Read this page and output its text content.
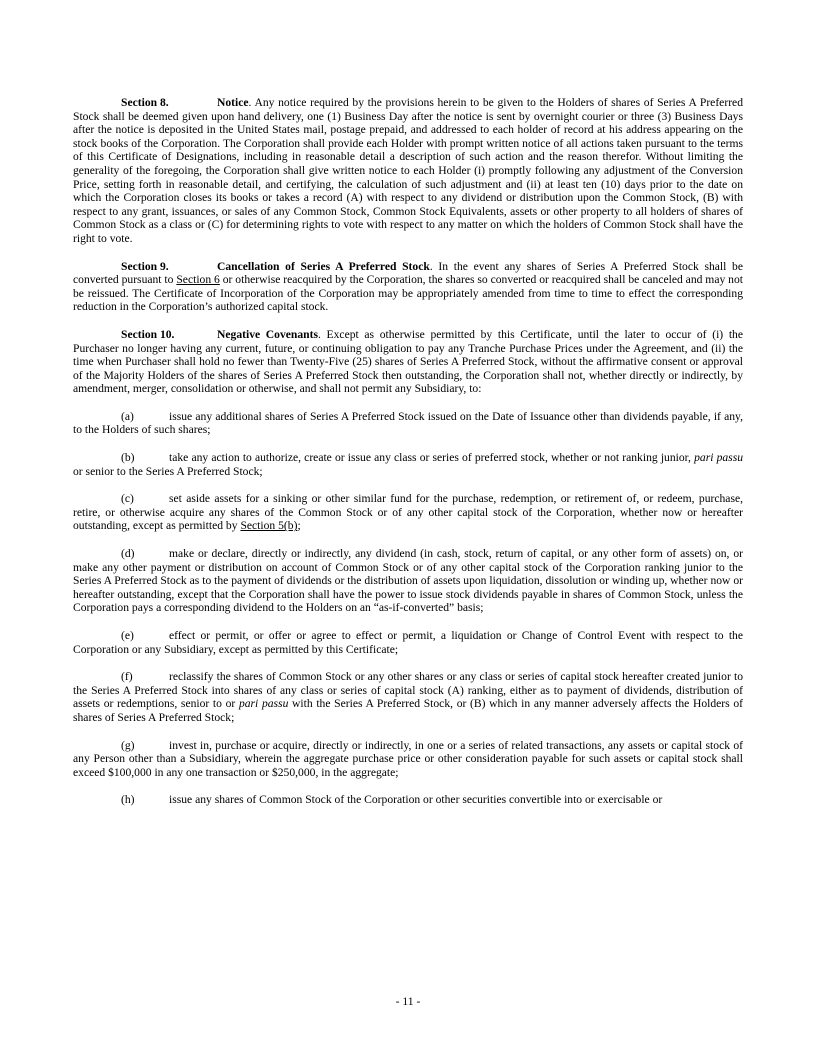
Section 8.	Notice. Any notice required by the provisions herein to be given to the Holders of shares of Series A Preferred Stock shall be deemed given upon hand delivery, one (1) Business Day after the notice is sent by overnight courier or three (3) Business Days after the notice is deposited in the United States mail, postage prepaid, and addressed to each holder of record at his address appearing on the stock books of the Corporation. The Corporation shall provide each Holder with prompt written notice of all actions taken pursuant to the terms of this Certificate of Designations, including in reasonable detail a description of such action and the reason therefor. Without limiting the generality of the foregoing, the Corporation shall give written notice to each Holder (i) promptly following any adjustment of the Conversion Price, setting forth in reasonable detail, and certifying, the calculation of such adjustment and (ii) at least ten (10) days prior to the date on which the Corporation closes its books or takes a record (A) with respect to any dividend or distribution upon the Common Stock, (B) with respect to any grant, issuances, or sales of any Common Stock, Common Stock Equivalents, assets or other property to all holders of shares of Common Stock as a class or (C) for determining rights to vote with respect to any matter on which the holders of Common Stock shall have the right to vote.

Section 9.	Cancellation of Series A Preferred Stock. In the event any shares of Series A Preferred Stock shall be converted pursuant to Section 6 or otherwise reacquired by the Corporation, the shares so converted or reacquired shall be canceled and may not be reissued. The Certificate of Incorporation of the Corporation may be appropriately amended from time to time to effect the corresponding reduction in the Corporation’s authorized capital stock.

Section 10.	Negative Covenants. Except as otherwise permitted by this Certificate, until the later to occur of (i) the Purchaser no longer having any current, future, or continuing obligation to pay any Tranche Purchase Prices under the Agreement, and (ii) the time when Purchaser shall hold no fewer than Twenty-Five (25) shares of Series A Preferred Stock, without the affirmative consent or approval of the Majority Holders of the shares of Series A Preferred Stock then outstanding, the Corporation shall not, whether directly or indirectly, by amendment, merger, consolidation or otherwise, and shall not permit any Subsidiary, to:

(a)	issue any additional shares of Series A Preferred Stock issued on the Date of Issuance other than dividends payable, if any, to the Holders of such shares;

(b)	take any action to authorize, create or issue any class or series of preferred stock, whether or not ranking junior, pari passu or senior to the Series A Preferred Stock;

(c)	set aside assets for a sinking or other similar fund for the purchase, redemption, or retirement of, or redeem, purchase, retire, or otherwise acquire any shares of the Common Stock or of any other capital stock of the Corporation, whether now or hereafter outstanding, except as permitted by Section 5(b);

(d)	make or declare, directly or indirectly, any dividend (in cash, stock, return of capital, or any other form of assets) on, or make any other payment or distribution on account of Common Stock or of any other capital stock of the Corporation ranking junior to the Series A Preferred Stock as to the payment of dividends or the distribution of assets upon liquidation, dissolution or winding up, whether now or hereafter outstanding, except that the Corporation shall have the power to issue stock dividends payable in shares of Common Stock, unless the Corporation pays a corresponding dividend to the Holders on an “as-if-converted” basis;

(e)	effect or permit, or offer or agree to effect or permit, a liquidation or Change of Control Event with respect to the Corporation or any Subsidiary, except as permitted by this Certificate;

(f)	reclassify the shares of Common Stock or any other shares or any class or series of capital stock hereafter created junior to the Series A Preferred Stock into shares of any class or series of capital stock (A) ranking, either as to payment of dividends, distribution of assets or redemptions, senior to or pari passu with the Series A Preferred Stock, or (B) which in any manner adversely affects the Holders of shares of Series A Preferred Stock;

(g)	invest in, purchase or acquire, directly or indirectly, in one or a series of related transactions, any assets or capital stock of any Person other than a Subsidiary, wherein the aggregate purchase price or other consideration payable for such assets or capital stock shall exceed $100,000 in any one transaction or $250,000, in the aggregate;

(h)	issue any shares of Common Stock of the Corporation or other securities convertible into or exercisable or

- 11 -
